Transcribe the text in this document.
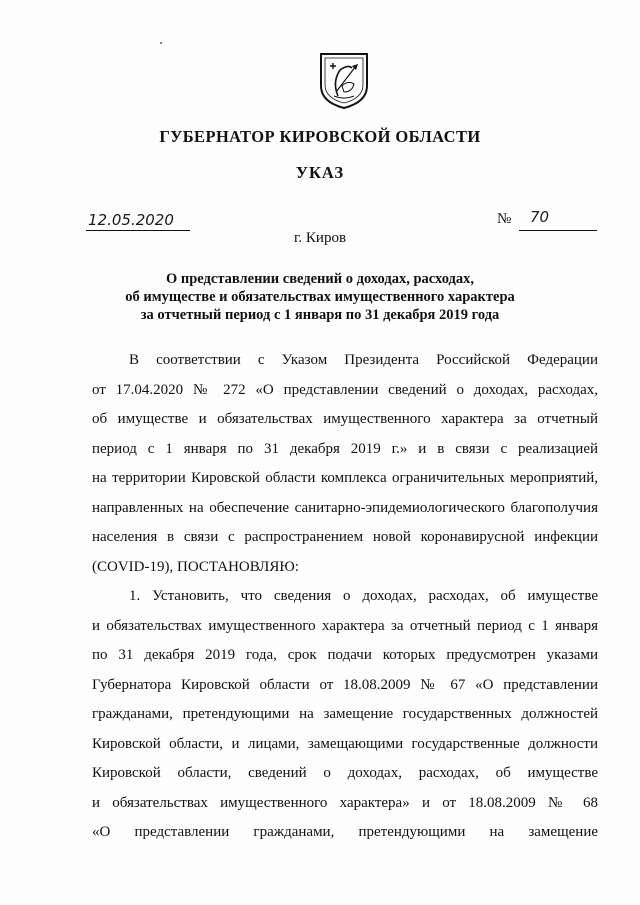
ГУБЕРНАТОР КИРОВСКОЙ ОБЛАСТИ
УКАЗ
12.05.2020	№ 70
г. Киров
О представлении сведений о доходах, расходах,
об имуществе и обязательствах имущественного характера
за отчетный период с 1 января по 31 декабря 2019 года
В соответствии с Указом Президента Российской Федерации
от 17.04.2020 № 272 «О представлении сведений о доходах, расходах,
об имуществе и обязательствах имущественного характера за отчетный
период с 1 января по 31 декабря 2019 г.» и в связи с реализацией
на территории Кировской области комплекса ограничительных мероприятий,
направленных на обеспечение санитарно-эпидемиологического благополучия
населения в связи с распространением новой коронавирусной инфекции
(COVID-19), ПОСТАНОВЛЯЮ:
1. Установить, что сведения о доходах, расходах, об имуществе
и обязательствах имущественного характера за отчетный период с 1 января
по 31 декабря 2019 года, срок подачи которых предусмотрен указами
Губернатора Кировской области от 18.08.2009 № 67 «О представлении
гражданами, претендующими на замещение государственных должностей
Кировской области, и лицами, замещающими государственные должности
Кировской области, сведений о доходах, расходах, об имуществе
и обязательствах имущественного характера» и от 18.08.2009 № 68
«О представлении гражданами, претендующими на замещение
